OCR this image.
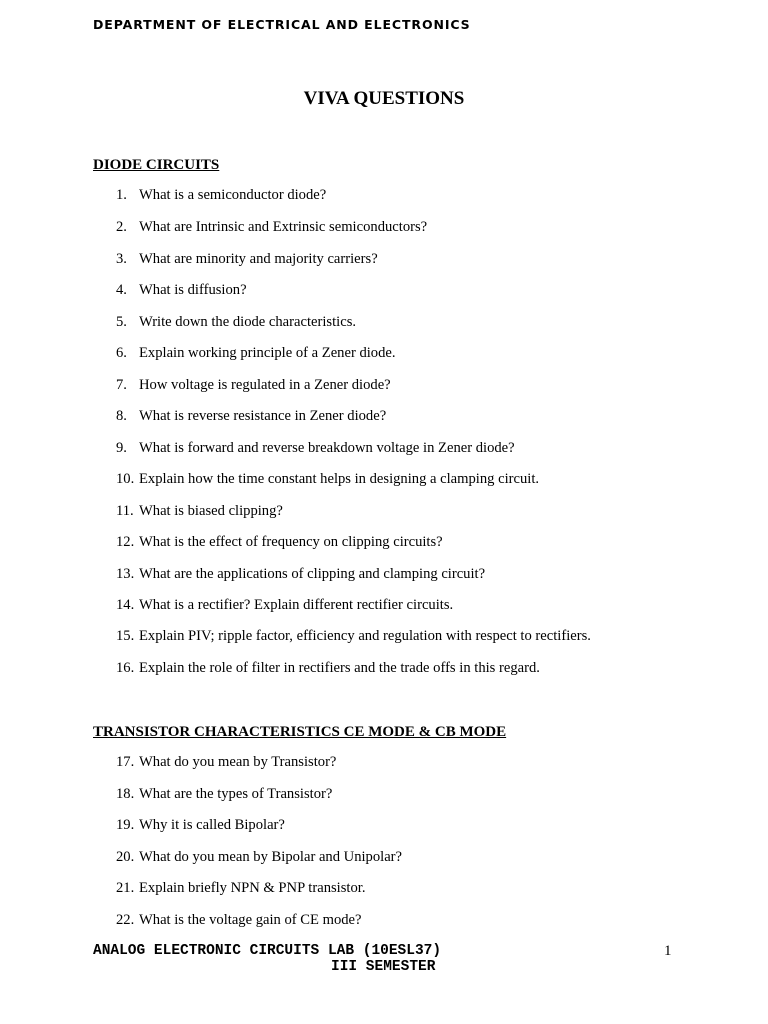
DEPARTMENT OF ELECTRICAL AND ELECTRONICS
VIVA QUESTIONS
DIODE CIRCUITS
1. What is a semiconductor diode?
2. What are Intrinsic and Extrinsic semiconductors?
3. What are minority and majority carriers?
4. What is diffusion?
5. Write down the diode characteristics.
6. Explain working principle of a Zener diode.
7. How voltage is regulated in a Zener diode?
8. What is reverse resistance in Zener diode?
9. What is forward and reverse breakdown voltage in Zener diode?
10. Explain how the time constant helps in designing a clamping circuit.
11. What is biased clipping?
12. What is the effect of frequency on clipping circuits?
13. What are the applications of clipping and clamping circuit?
14. What is a rectifier? Explain different rectifier circuits.
15. Explain PIV; ripple factor, efficiency and regulation with respect to rectifiers.
16. Explain the role of filter in rectifiers and the trade offs in this regard.
TRANSISTOR CHARACTERISTICS CE MODE & CB MODE
17. What do you mean by Transistor?
18. What are the types of Transistor?
19. Why it is called Bipolar?
20. What do you mean by Bipolar and Unipolar?
21. Explain briefly NPN & PNP transistor.
22. What is the voltage gain of CE mode?
ANALOG ELECTRONIC CIRCUITS LAB (10ESL37)
III SEMESTER
1
